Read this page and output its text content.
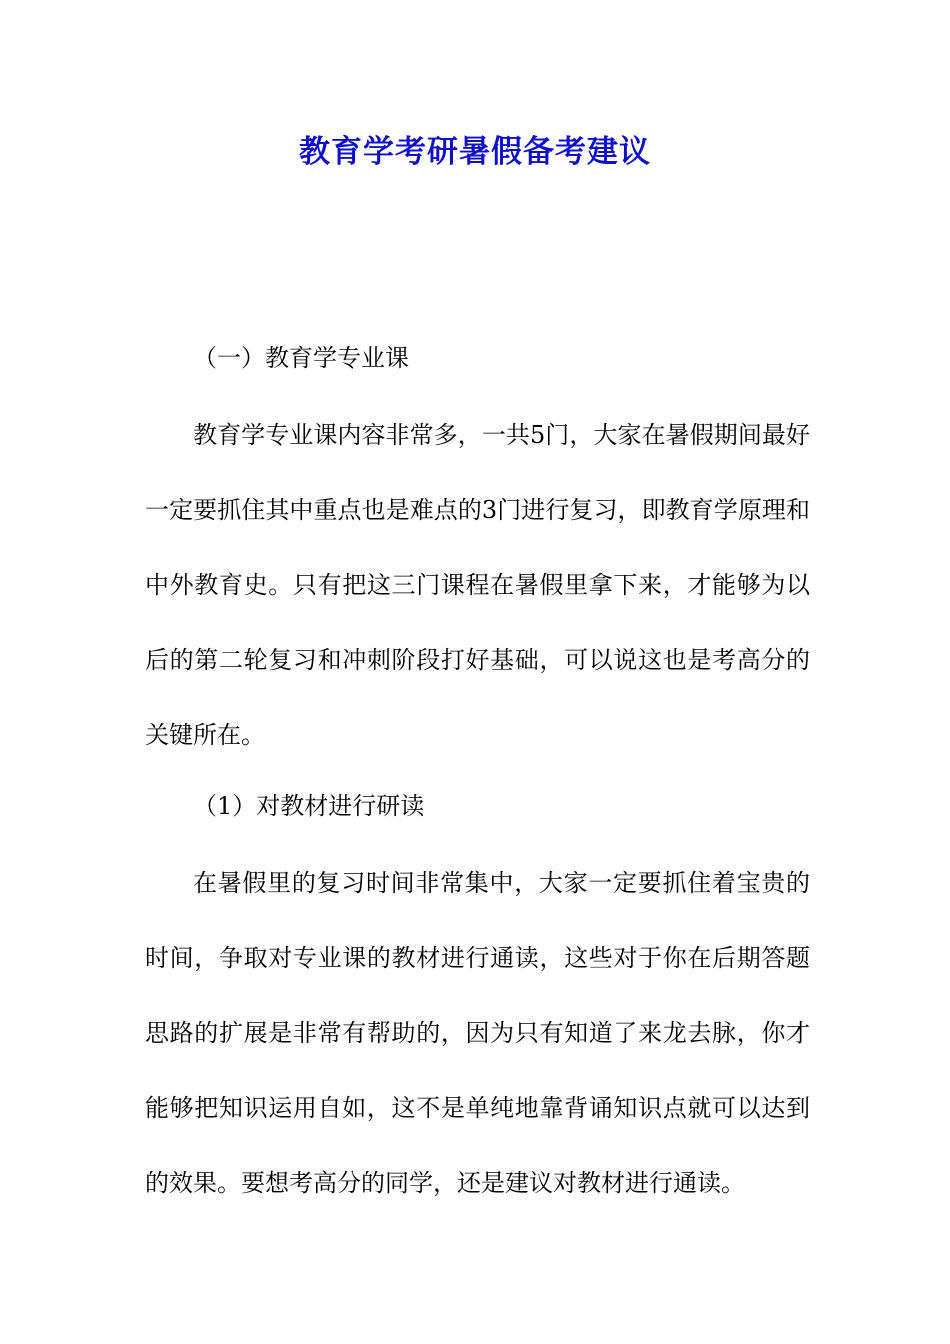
教育学考研暑假备考建议

（一）教育学专业课

教育学专业课内容非常多，一共5门，大家在暑假期间最好一定要抓住其中重点也是难点的3门进行复习，即教育学原理和中外教育史。只有把这三门课程在暑假里拿下来，才能够为以后的第二轮复习和冲刺阶段打好基础，可以说这也是考高分的关键所在。

（1）对教材进行研读

在暑假里的复习时间非常集中，大家一定要抓住着宝贵的时间，争取对专业课的教材进行通读，这些对于你在后期答题思路的扩展是非常有帮助的，因为只有知道了来龙去脉，你才能够把知识运用自如，这不是单纯地靠背诵知识点就可以达到的效果。要想考高分的同学，还是建议对教材进行通读。
